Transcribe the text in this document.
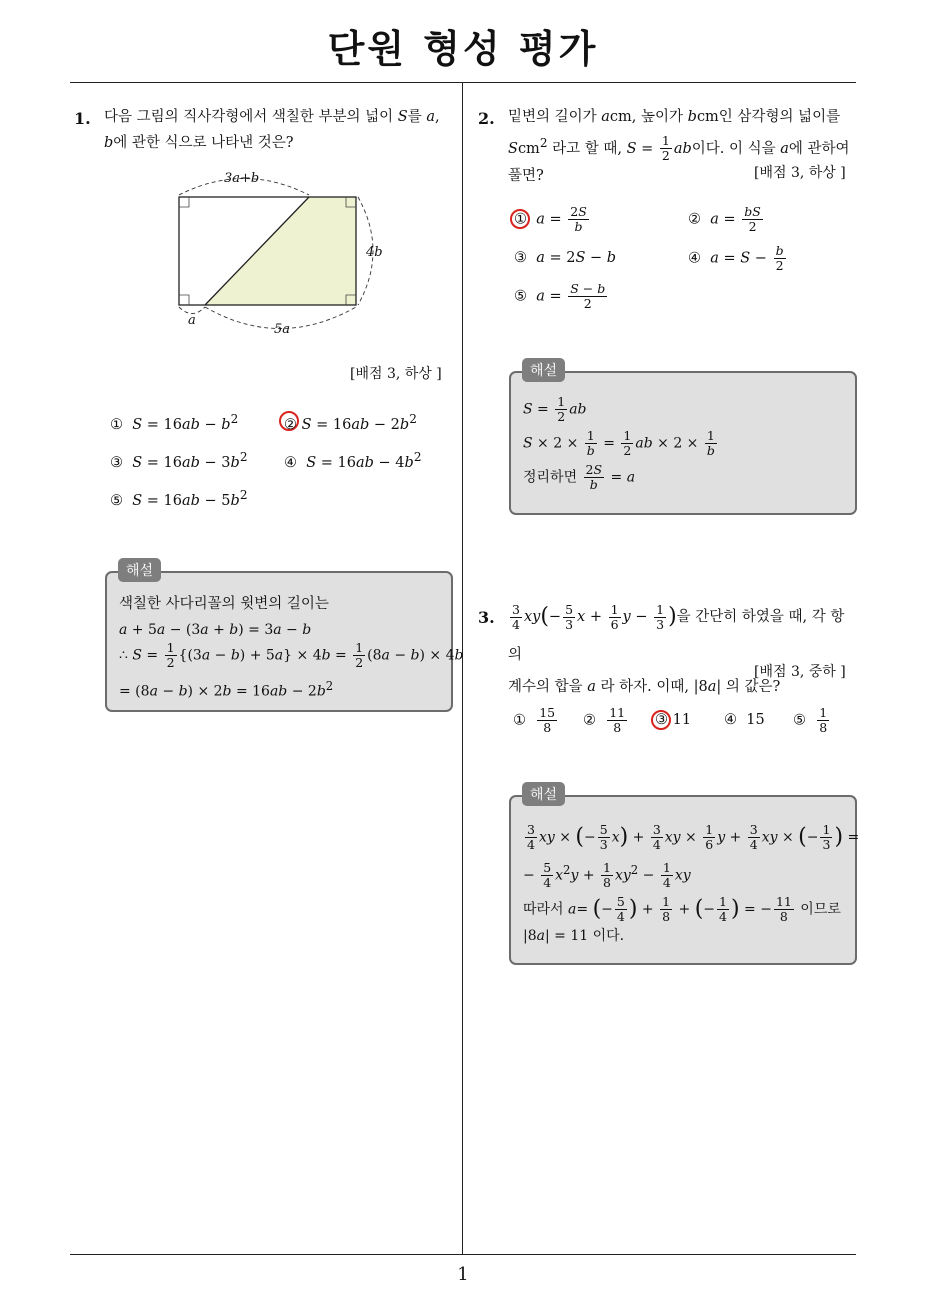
단원 형성 평가
1
1. 다음 그림의 직사각형에서 색칠한 부분의 넓이 S를 a,
b에 관한 식으로 나타낸 것은?
3a+b
4b
5a
a
[배점 3, 하상 ]
①  $S = 16ab - b^2$	② $S = 16ab - 2b^2$
③  $S = 16ab - 3b^2$	④  $S = 16ab - 4b^2$
⑤  $S = 16ab - 5b^2$
색칠한 사다리꼴의 윗변의 길이는
a + 5a − (3a + b) = 3a − b
∴ $S = \frac{1}{2} \{(3a - b) + 5a\} \times 4b = \frac{1}{2} (8a - b) \times 4b$
= $(8a - b) \times 2b = 16ab - 2b^2$
해설
2. 밑변의 길이가 acm, 높이가 bcm인 삼각형의 넓이를
Scm$^2$ 라고 할 때, $S = \frac{1}{2}$ ab이다. 이 식을 a에 관하여
풀면?	[배점 3, 하상 ]
①  $a = \frac{2S}{b}$	②  $a = \frac{bS}{2}$
③  a = 2S − b	④  $a = S - \frac{b}{2}$
⑤  $a = \frac{S - b}{2}$
$S = \frac{1}{2}$ ab
$S \times 2 \times \frac{1}{b} = \frac{1}{2}$ ab × $2 \times \frac{1}{b}$
정리하면 $\frac{2S}{b} = a$
해설
3. $\frac{3}{4} xy(- \frac{5}{3}$ $x + \frac{1}{6}$ $y - \frac{1}{3}$ )을 간단히 하였을 때, 각 항의
계수의 합을 a 라 하자. 이때, |8a| 의 값은?
[배점 3, 중하 ]
① $\frac{15}{8}$ ② $\frac{11}{8}$ ③ 11 ④  15 ⑤ $\frac{1}{8}$
$\frac{3}{4}$ xy × (− $\frac{5}{3} x) + \frac{3}{4}$ xy × $\frac{1}{6}$ $y + \frac{3}{4}$ xy × (− $\frac{1}{3}$ ) =
− $\frac{5}{4} x^2y + \frac{1}{8} xy^2 - \frac{1}{4}$ xy
따라서 a= (− $\frac{5}{4}$ ) + $\frac{1}{8}$ + (− $\frac{1}{4}$ ) = − $\frac{11}{8}$ 이므로
|8a| = 11 이다.
해설
